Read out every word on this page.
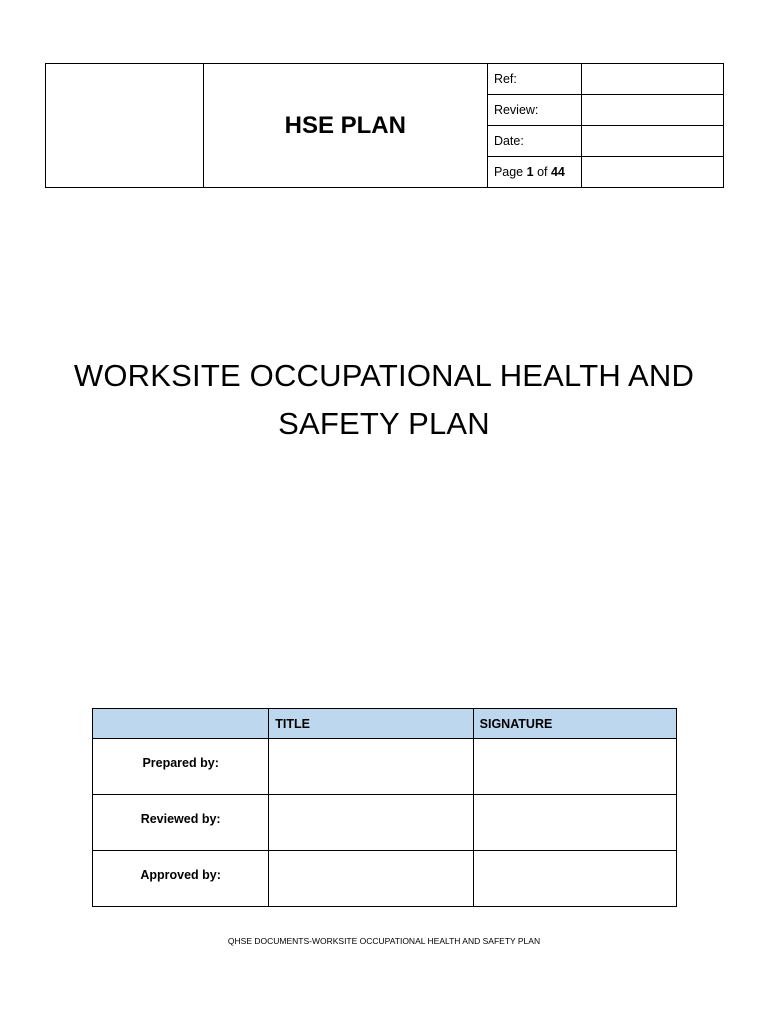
	HSE PLAN	Ref:	
		Review:	
		Date:	
		Page 1 of 44	
WORKSITE OCCUPATIONAL HEALTH AND
SAFETY PLAN
	TITLE	SIGNATURE
Prepared by:		
Reviewed by:		
Approved by:		
QHSE DOCUMENTS-WORKSITE OCCUPATIONAL HEALTH AND SAFETY PLAN
